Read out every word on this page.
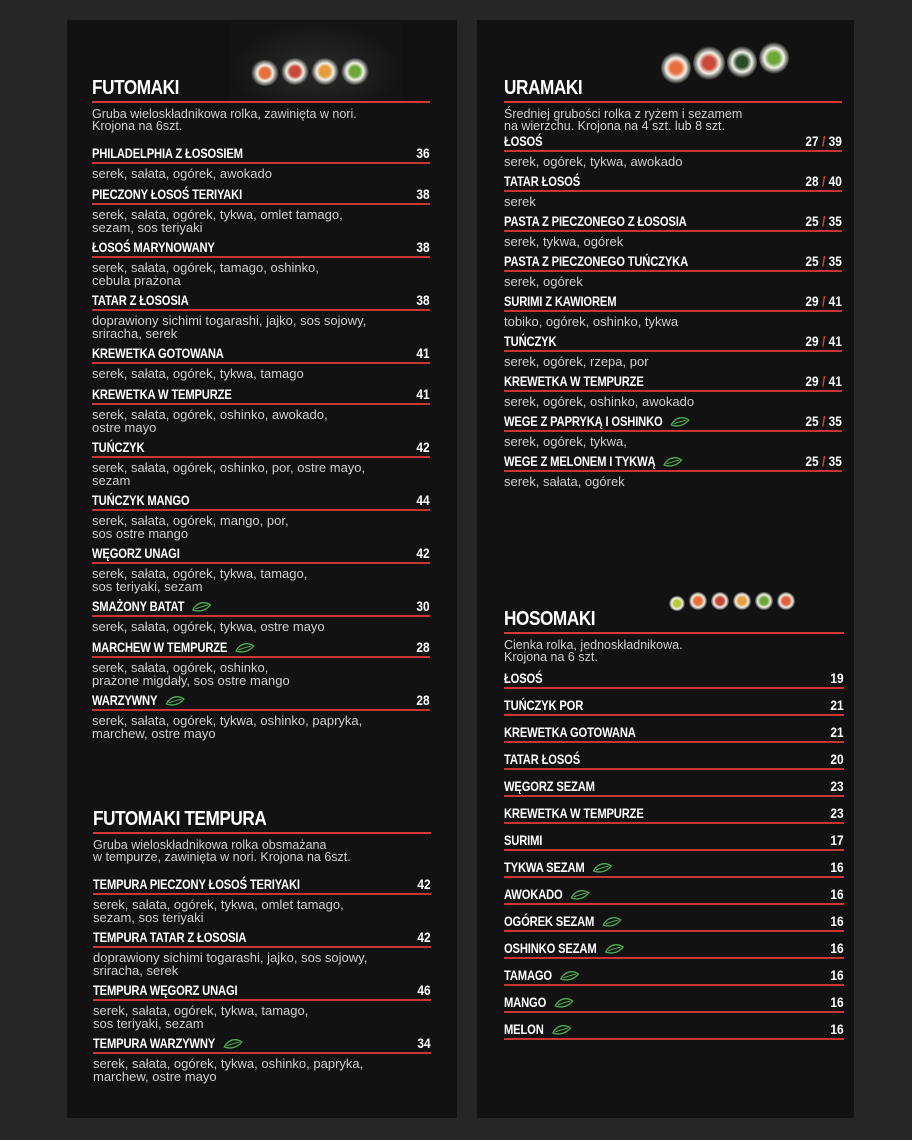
FUTOMAKI
Gruba wieloskładnikowa rolka, zawinięta w nori.
Krojona na 6szt.
PHILADELPHIA Z ŁOSOSIEM	36
serek, sałata, ogórek, awokado
PIECZONY ŁOSOŚ TERIYAKI	38
serek, sałata, ogórek, tykwa, omlet tamago,
sezam, sos teriyaki
ŁOSOŚ MARYNOWANY	38
serek, sałata, ogórek, tamago, oshinko,
cebula prażona
TATAR Z ŁOSOSIA	38
doprawiony sichimi togarashi, jajko, sos sojowy,
sriracha, serek
KREWETKA GOTOWANA	41
serek, sałata, ogórek, tykwa, tamago
KREWETKA W TEMPURZE	41
serek, sałata, ogórek, oshinko, awokado,
ostre mayo
TUŃCZYK	42
serek, sałata, ogórek, oshinko, por, ostre mayo,
sezam
TUŃCZYK MANGO	44
serek, sałata, ogórek, mango, por,
sos ostre mango
WĘGORZ UNAGI	42
serek, sałata, ogórek, tykwa, tamago,
sos teriyaki, sezam
SMAŻONY BATAT	30
serek, sałata, ogórek, tykwa, ostre mayo
MARCHEW W TEMPURZE	28
serek, sałata, ogórek, oshinko,
prażone migdały, sos ostre mango
WARZYWNY	28
serek, sałata, ogórek, tykwa, oshinko, papryka,
marchew, ostre mayo
FUTOMAKI TEMPURA
Gruba wieloskładnikowa rolka obsmażana
w tempurze, zawinięta w nori. Krojona na 6szt.
TEMPURA PIECZONY ŁOSOŚ TERIYAKI	42
serek, sałata, ogórek, tykwa, omlet tamago,
sezam, sos teriyaki
TEMPURA TATAR Z ŁOSOSIA	42
doprawiony sichimi togarashi, jajko, sos sojowy,
sriracha, serek
TEMPURA WĘGORZ UNAGI	46
serek, sałata, ogórek, tykwa, tamago,
sos teriyaki, sezam
TEMPURA WARZYWNY	34
serek, sałata, ogórek, tykwa, oshinko, papryka,
marchew, ostre mayo
URAMAKI
Średniej grubości rolka z ryżem i sezamem
na wierzchu. Krojona na 4 szt. lub 8 szt.
ŁOSOŚ	27 / 39
serek, ogórek, tykwa, awokado
TATAR ŁOSOŚ	28 / 40
serek
PASTA Z PIECZONEGO Z ŁOSOSIA	25 / 35
serek, tykwa, ogórek
PASTA Z PIECZONEGO TUŃCZYKA	25 / 35
serek, ogórek
SURIMI Z KAWIOREM	29 / 41
tobiko, ogórek, oshinko, tykwa
TUŃCZYK	29 / 41
serek, ogórek, rzepa, por
KREWETKA W TEMPURZE	29 / 41
serek, ogórek, oshinko, awokado
WEGE Z PAPRYKĄ I OSHINKO	25 / 35
serek, ogórek, tykwa,
WEGE Z MELONEM I TYKWĄ	25 / 35
serek, sałata, ogórek
HOSOMAKI
Cienka rolka, jednoskładnikowa.
Krojona na 6 szt.
ŁOSOŚ	19
TUŃCZYK POR	21
KREWETKA GOTOWANA	21
TATAR ŁOSOŚ	20
WĘGORZ SEZAM	23
KREWETKA W TEMPURZE	23
SURIMI	17
TYKWA SEZAM	16
AWOKADO	16
OGÓREK SEZAM	16
OSHINKO SEZAM	16
TAMAGO	16
MANGO	16
MELON	16
